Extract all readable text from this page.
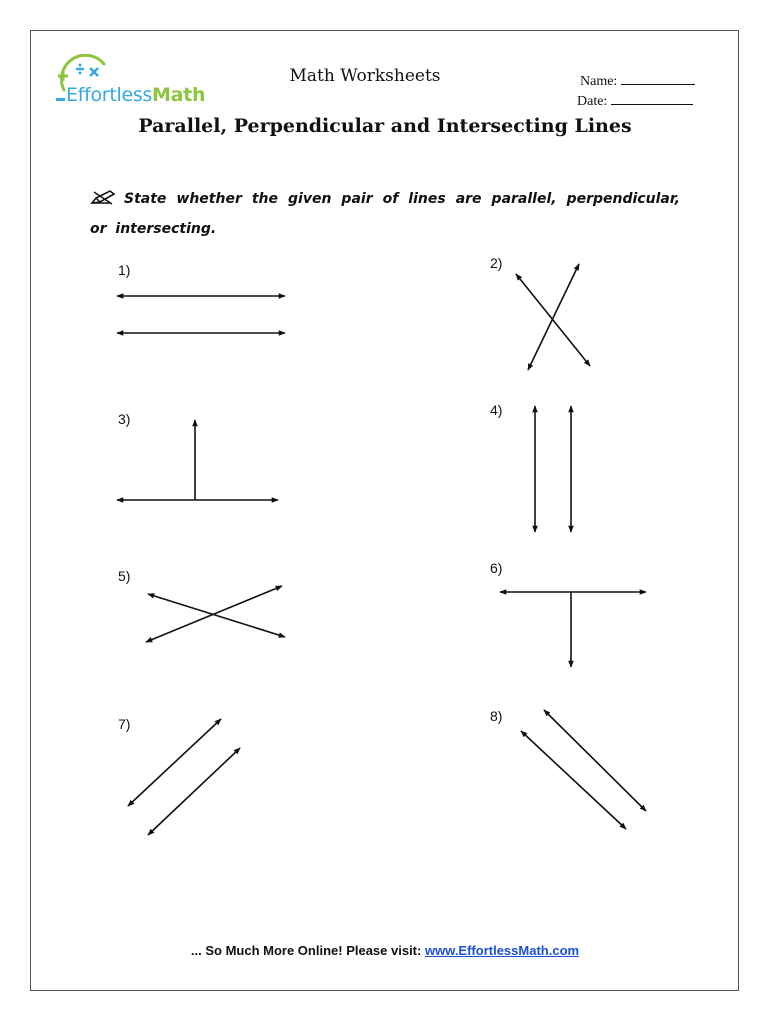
EffortlessMath
Math Worksheets	Name:
Date:
Parallel, Perpendicular and Intersecting Lines
State whether the given pair of lines are parallel, perpendicular, or intersecting.
1)	2)
3)
4)
5)	6)
7)	8)
... So Much More Online! Please visit: www.EffortlessMath.com
